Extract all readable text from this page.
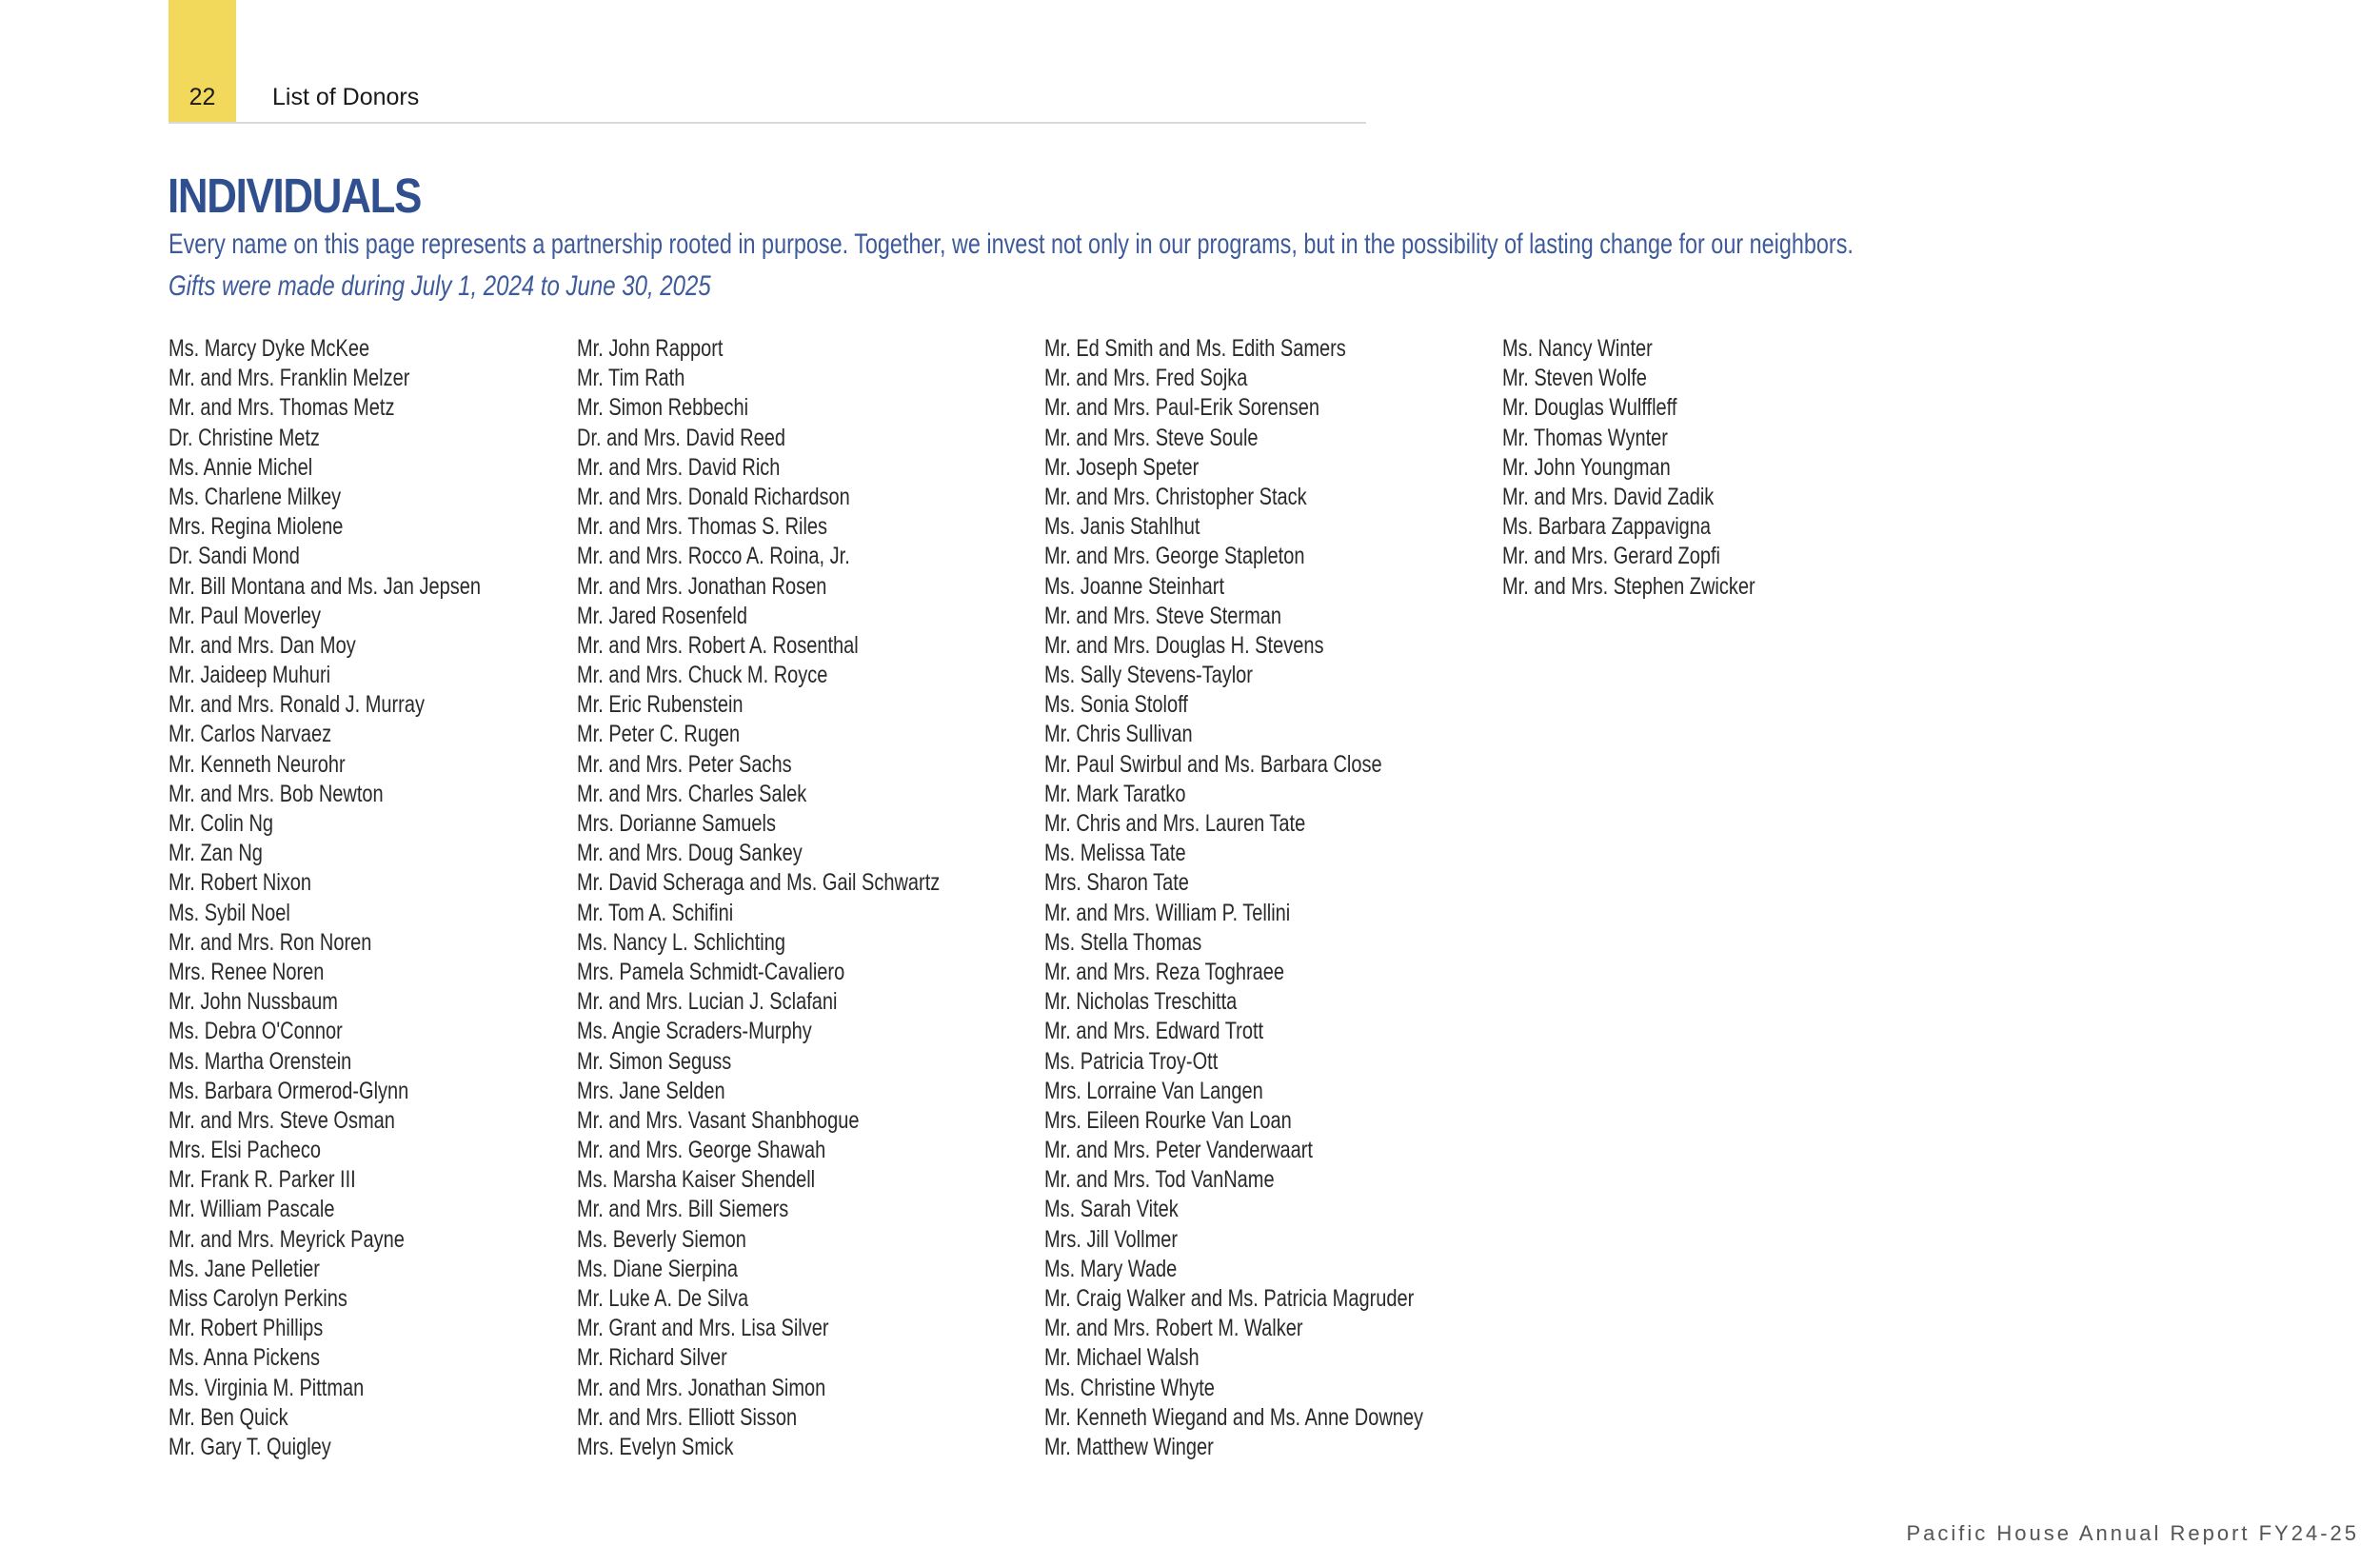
22	List of Donors
INDIVIDUALS
Every name on this page represents a partnership rooted in purpose. Together, we invest not only in our programs, but in the possibility of lasting change for our neighbors.
Gifts were made during July 1, 2024 to June 30, 2025
Ms. Marcy Dyke McKee
Mr. and Mrs. Franklin Melzer
Mr. and Mrs. Thomas Metz
Dr. Christine Metz
Ms. Annie Michel
Ms. Charlene Milkey
Mrs. Regina Miolene
Dr. Sandi Mond
Mr. Bill Montana and Ms. Jan Jepsen
Mr. Paul Moverley
Mr. and Mrs. Dan Moy
Mr. Jaideep Muhuri
Mr. and Mrs. Ronald J. Murray
Mr. Carlos Narvaez
Mr. Kenneth Neurohr
Mr. and Mrs. Bob Newton
Mr. Colin Ng
Mr. Zan Ng
Mr. Robert Nixon
Ms. Sybil Noel
Mr. and Mrs. Ron Noren
Mrs. Renee Noren
Mr. John Nussbaum
Ms. Debra O'Connor
Ms. Martha Orenstein
Ms. Barbara Ormerod-Glynn
Mr. and Mrs. Steve Osman
Mrs. Elsi Pacheco
Mr. Frank R. Parker III
Mr. William Pascale
Mr. and Mrs. Meyrick Payne
Ms. Jane Pelletier
Miss Carolyn Perkins
Mr. Robert Phillips
Ms. Anna Pickens
Ms. Virginia M. Pittman
Mr. Ben Quick
Mr. Gary T. Quigley
Mr. John Rapport
Mr. Tim Rath
Mr. Simon Rebbechi
Dr. and Mrs. David Reed
Mr. and Mrs. David Rich
Mr. and Mrs. Donald Richardson
Mr. and Mrs. Thomas S. Riles
Mr. and Mrs. Rocco A. Roina, Jr.
Mr. and Mrs. Jonathan Rosen
Mr. Jared Rosenfeld
Mr. and Mrs. Robert A. Rosenthal
Mr. and Mrs. Chuck M. Royce
Mr. Eric Rubenstein
Mr. Peter C. Rugen
Mr. and Mrs. Peter Sachs
Mr. and Mrs. Charles Salek
Mrs. Dorianne Samuels
Mr. and Mrs. Doug Sankey
Mr. David Scheraga and Ms. Gail Schwartz
Mr. Tom A. Schifini
Ms. Nancy L. Schlichting
Mrs. Pamela Schmidt-Cavaliero
Mr. and Mrs. Lucian J. Sclafani
Ms. Angie Scraders-Murphy
Mr. Simon Seguss
Mrs. Jane Selden
Mr. and Mrs. Vasant Shanbhogue
Mr. and Mrs. George Shawah
Ms. Marsha Kaiser Shendell
Mr. and Mrs. Bill Siemers
Ms. Beverly Siemon
Ms. Diane Sierpina
Mr. Luke A. De Silva
Mr. Grant and Mrs. Lisa Silver
Mr. Richard Silver
Mr. and Mrs. Jonathan Simon
Mr. and Mrs. Elliott Sisson
Mrs. Evelyn Smick
Mr. Ed Smith and Ms. Edith Samers
Mr. and Mrs. Fred Sojka
Mr. and Mrs. Paul-Erik Sorensen
Mr. and Mrs. Steve Soule
Mr. Joseph Speter
Mr. and Mrs. Christopher Stack
Ms. Janis Stahlhut
Mr. and Mrs. George Stapleton
Ms. Joanne Steinhart
Mr. and Mrs. Steve Sterman
Mr. and Mrs. Douglas H. Stevens
Ms. Sally Stevens-Taylor
Ms. Sonia Stoloff
Mr. Chris Sullivan
Mr. Paul Swirbul and Ms. Barbara Close
Mr. Mark Taratko
Mr. Chris and Mrs. Lauren Tate
Ms. Melissa Tate
Mrs. Sharon Tate
Mr. and Mrs. William P. Tellini
Ms. Stella Thomas
Mr. and Mrs. Reza Toghraee
Mr. Nicholas Treschitta
Mr. and Mrs. Edward Trott
Ms. Patricia Troy-Ott
Mrs. Lorraine Van Langen
Mrs. Eileen Rourke Van Loan
Mr. and Mrs. Peter Vanderwaart
Mr. and Mrs. Tod VanName
Ms. Sarah Vitek
Mrs. Jill Vollmer
Ms. Mary Wade
Mr. Craig Walker and Ms. Patricia Magruder
Mr. and Mrs. Robert M. Walker
Mr. Michael Walsh
Ms. Christine Whyte
Mr. Kenneth Wiegand and Ms. Anne Downey
Mr. Matthew Winger
Ms. Nancy Winter
Mr. Steven Wolfe
Mr. Douglas Wulffleff
Mr. Thomas Wynter
Mr. John Youngman
Mr. and Mrs. David Zadik
Ms. Barbara Zappavigna
Mr. and Mrs. Gerard Zopfi
Mr. and Mrs. Stephen Zwicker
Pacific House Annual Report FY24-25
